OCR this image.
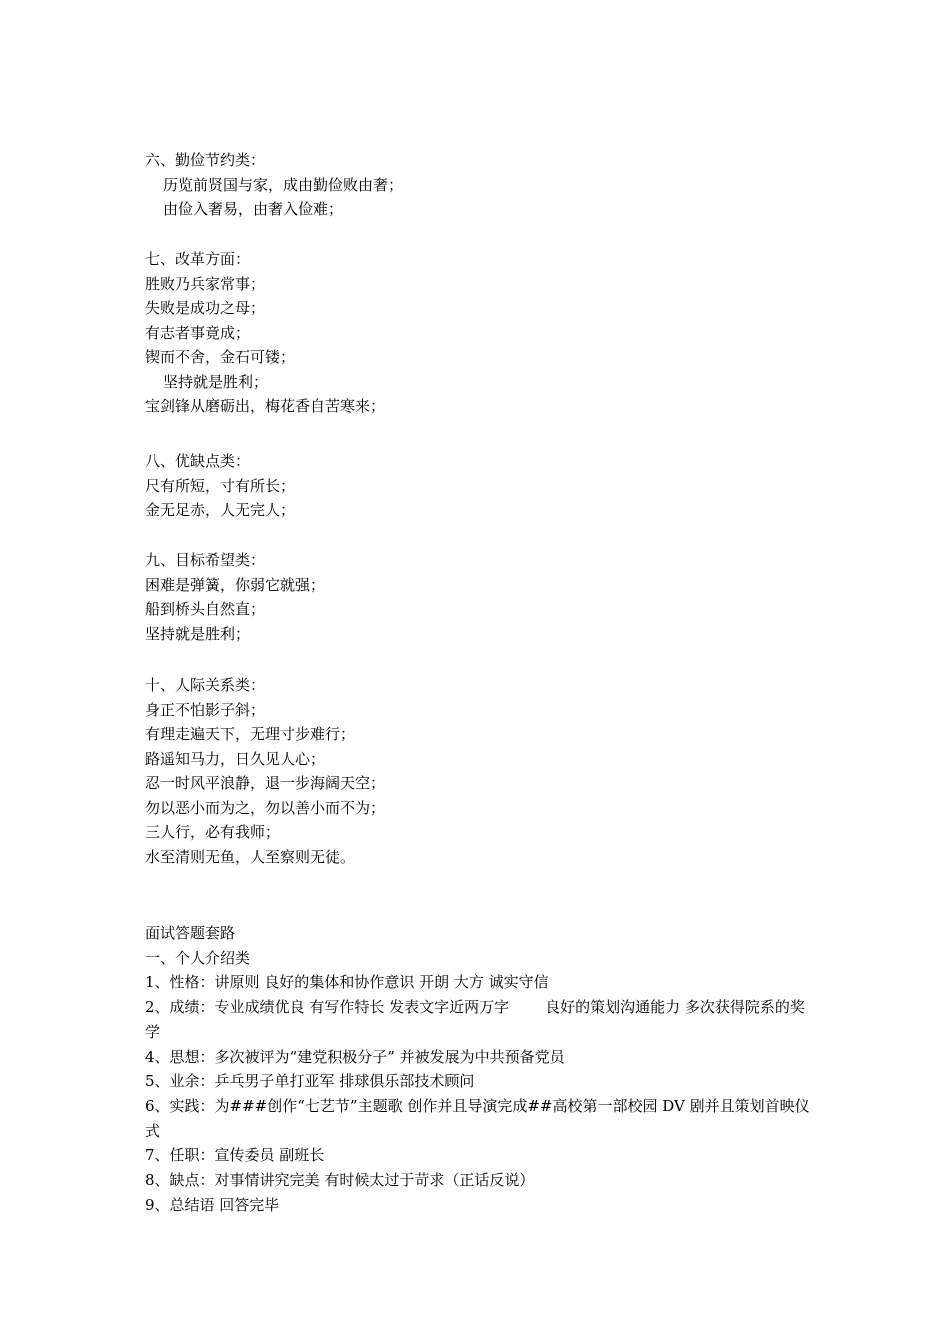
六、勤俭节约类：
历览前贤国与家，成由勤俭败由奢；
由俭入奢易，由奢入俭难；
七、改革方面：
胜败乃兵家常事；
失败是成功之母；
有志者事竟成；
锲而不舍，金石可镂；
坚持就是胜利；
宝剑锋从磨砺出，梅花香自苦寒来；
八、优缺点类：
尺有所短，寸有所长；
金无足赤，人无完人；
九、目标希望类：
困难是弹簧，你弱它就强；
船到桥头自然直；
坚持就是胜利；
十、人际关系类：
身正不怕影子斜；
有理走遍天下，无理寸步难行；
路遥知马力，日久见人心；
忍一时风平浪静，退一步海阔天空；
勿以恶小而为之，勿以善小而不为；
三人行，必有我师；
水至清则无鱼，人至察则无徒。
面试答题套路
一、个人介绍类
1、性格：讲原则 良好的集体和协作意识 开朗 大方 诚实守信
2、成绩：专业成绩优良 有写作特长 发表文字近两万字 良好的策划沟通能力 多次获得院系的奖学
4、思想：多次被评为“建党积极分子” 并被发展为中共预备党员
5、业余：乒乓男子单打亚军 排球俱乐部技术顾问
6、实践：为###创作“七艺节”主题歌 创作并且导演完成##高校第一部校园 DV 剧并且策划首映仪式
7、任职：宣传委员 副班长
8、缺点：对事情讲究完美 有时候太过于苛求（正话反说）
9、总结语 回答完毕
